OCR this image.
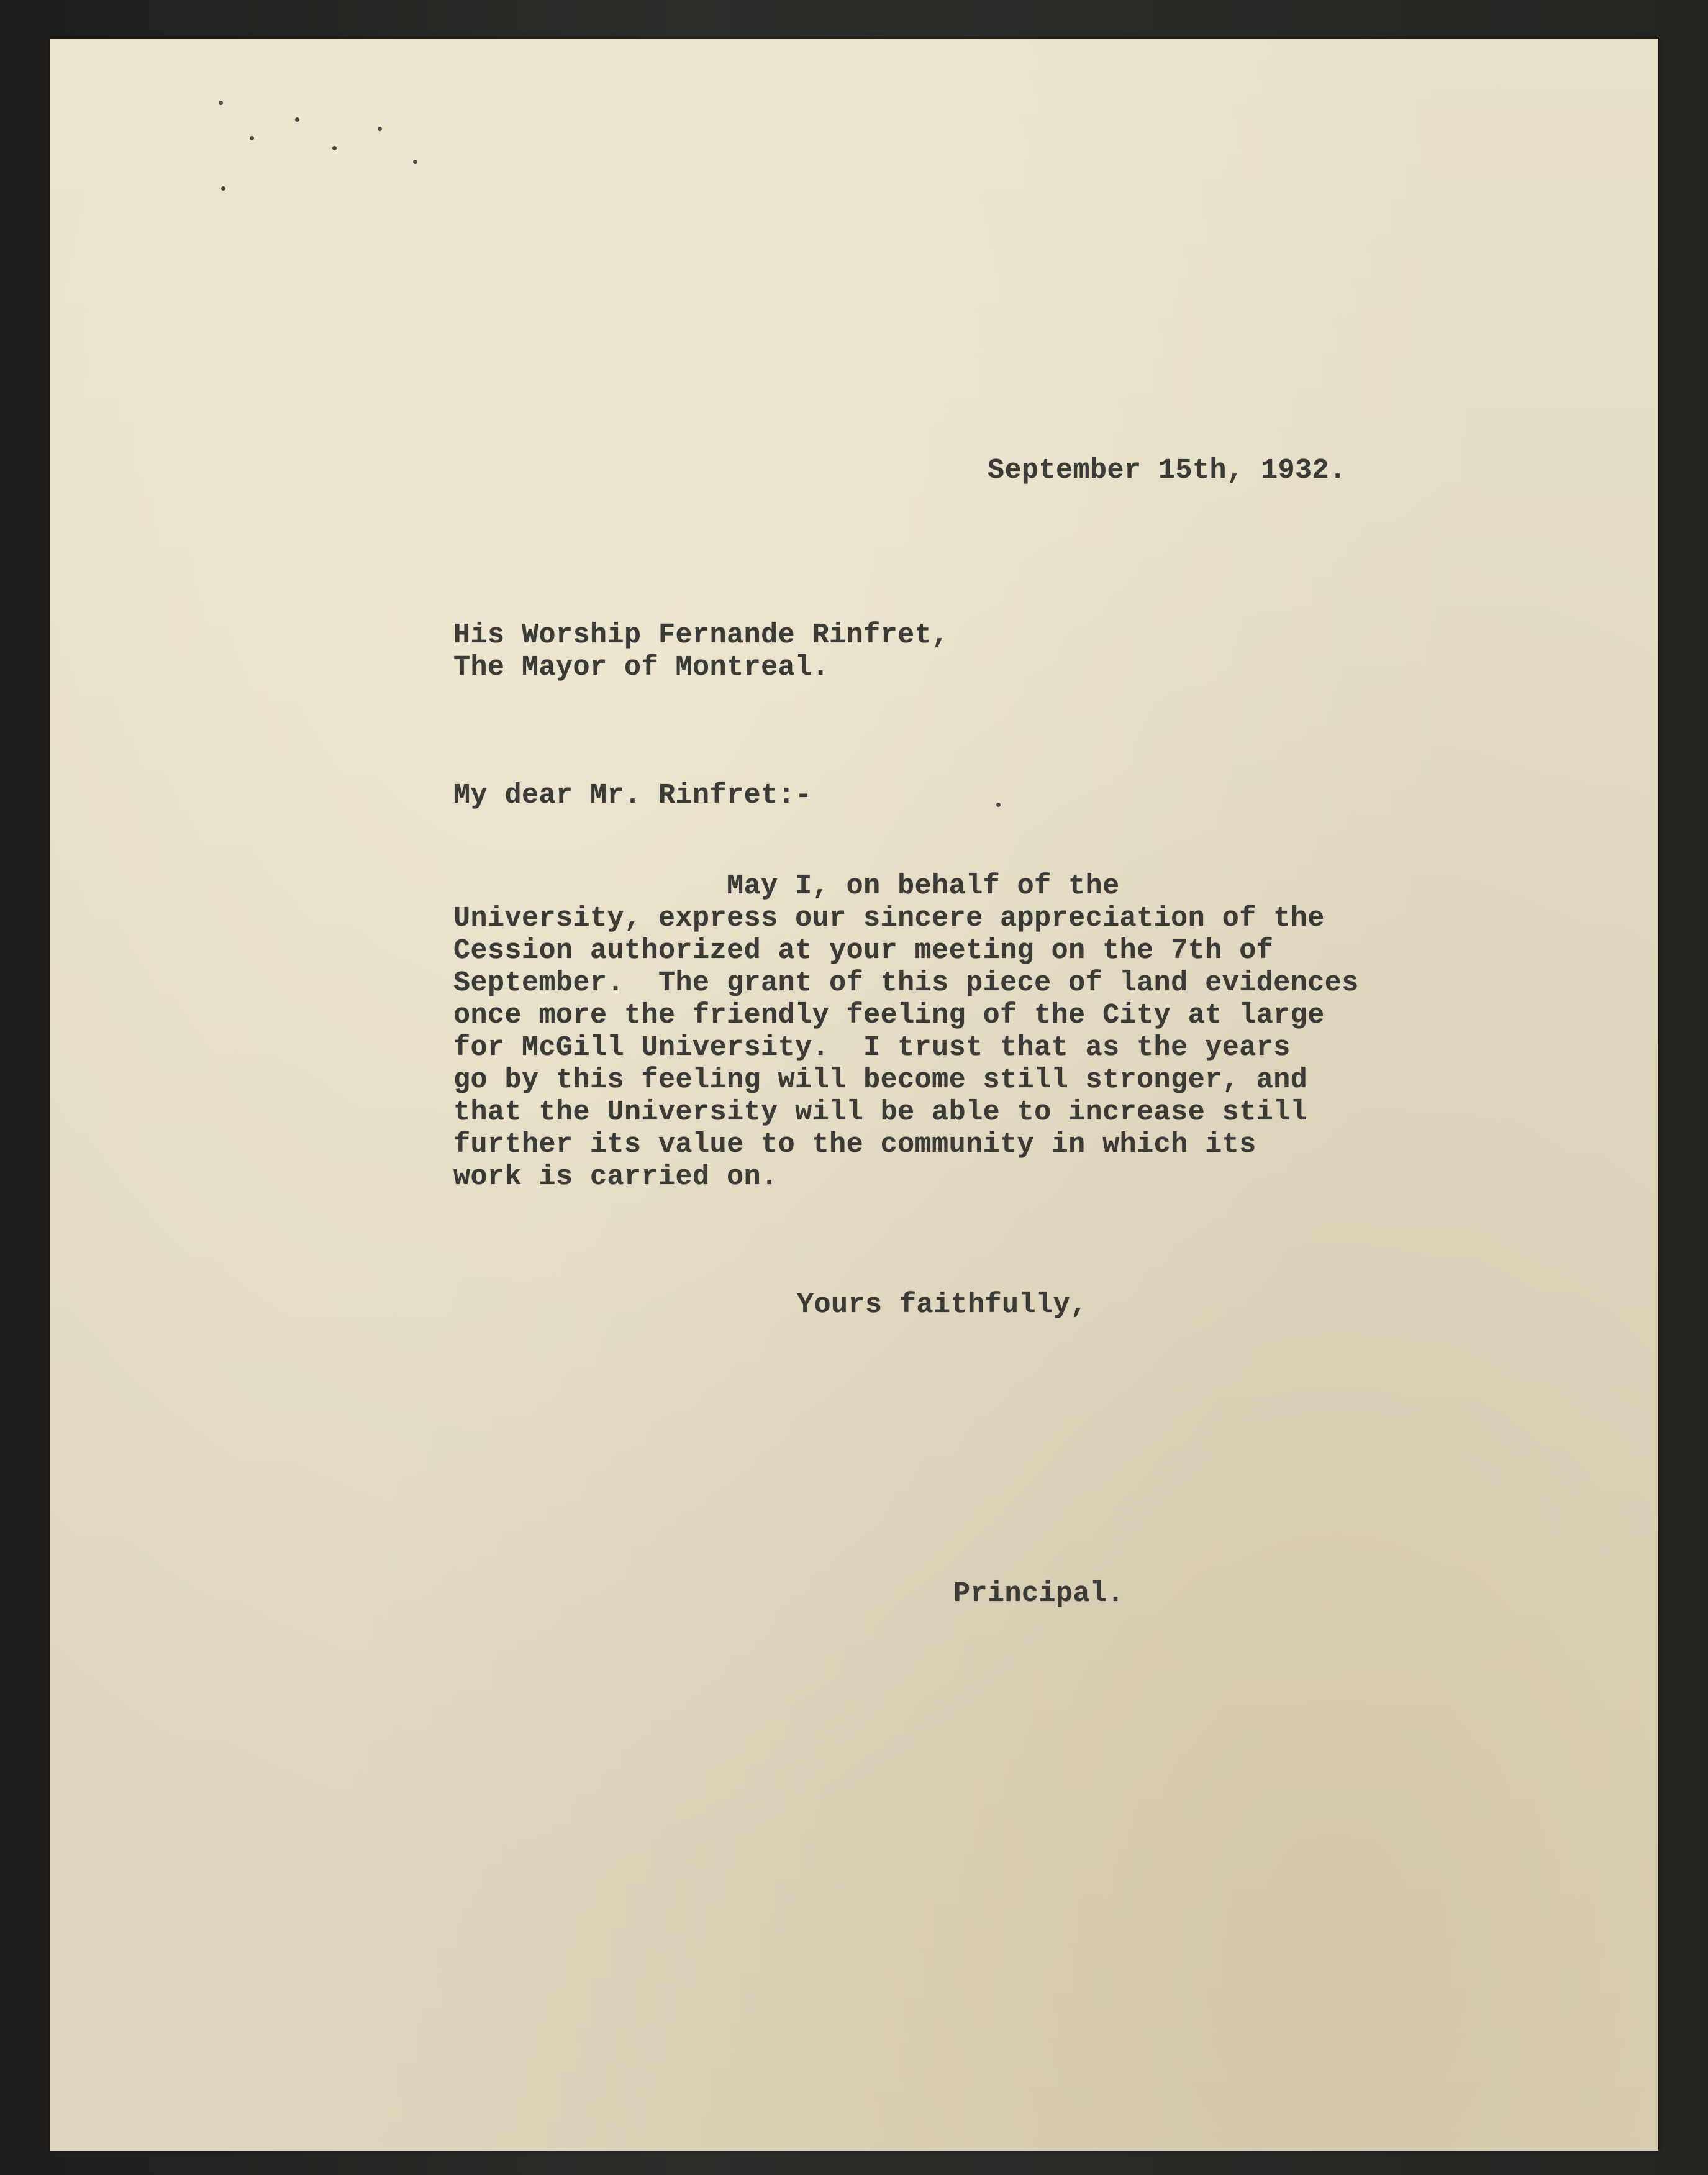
September 15th, 1932.
His Worship Fernande Rinfret,
The Mayor of Montreal.
My dear Mr. Rinfret:-
May I, on behalf of the
University, express our sincere appreciation of the
Cession authorized at your meeting on the 7th of
September.  The grant of this piece of land evidences
once more the friendly feeling of the City at large
for McGill University.  I trust that as the years
go by this feeling will become still stronger, and
that the University will be able to increase still
further its value to the community in which its
work is carried on.
Yours faithfully,
Principal.
